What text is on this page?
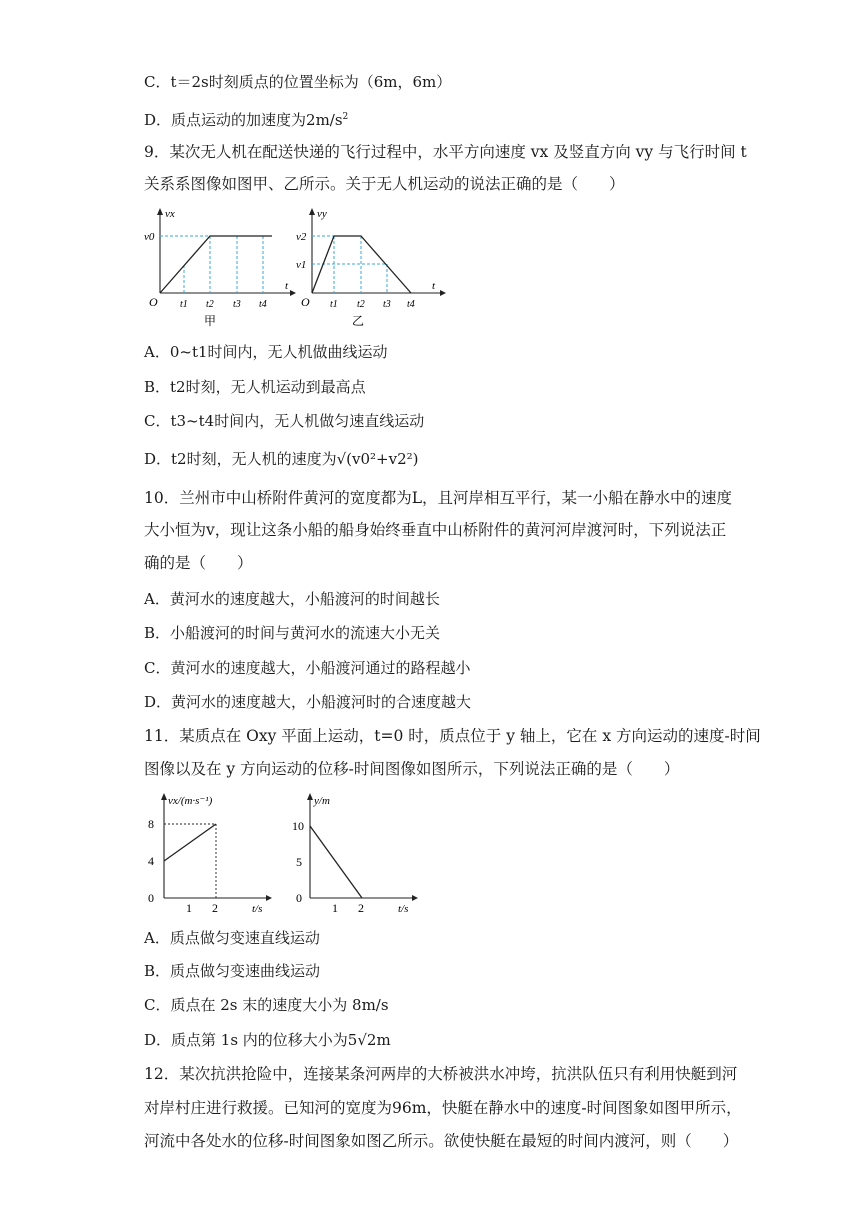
C．t＝2s时刻质点的位置坐标为（6m，6m）
D．质点运动的加速度为$2m/s^2$
9．某次无人机在配送快递的飞行过程中，水平方向速度 vx 及竖直方向 vy 与飞行时间 t
关系系图像如图甲、乙所示。关于无人机运动的说法正确的是（　　）
vx
v0
O t1 t2 t3 t4
t
甲
vy
v2
v1
O t1 t2 t3 t4
t
乙
A．0~t1时间内，无人机做曲线运动
B．t2时刻，无人机运动到最高点
C．t3~t4时间内，无人机做匀速直线运动
D．t2时刻，无人机的速度为√(v0²+v2²)
10．兰州市中山桥附件黄河的宽度都为L，且河岸相互平行，某一小船在静水中的速度
大小恒为v，现让这条小船的船身始终垂直中山桥附件的黄河河岸渡河时，下列说法正
确的是（　　）
A．黄河水的速度越大，小船渡河的时间越长
B．小船渡河的时间与黄河水的流速大小无关
C．黄河水的速度越大，小船渡河通过的路程越小
D．黄河水的速度越大，小船渡河时的合速度越大
11．某质点在 Oxy 平面上运动，t=0 时，质点位于 y 轴上，它在 x 方向运动的速度-时间
图像以及在 y 方向运动的位移-时间图像如图所示，下列说法正确的是（　　）
vx/(m·s⁻¹)
8
4
0
1 2	t/s
y/m
10
5
0
1 2	t/s
A．质点做匀变速直线运动
B．质点做匀变速曲线运动
C．质点在 2s 末的速度大小为 8m/s
D．质点第 1s 内的位移大小为5√2m
12．某次抗洪抢险中，连接某条河两岸的大桥被洪水冲垮，抗洪队伍只有利用快艇到河
对岸村庄进行救援。已知河的宽度为96m，快艇在静水中的速度-时间图象如图甲所示，
河流中各处水的位移-时间图象如图乙所示。欲使快艇在最短的时间内渡河，则（　　）
